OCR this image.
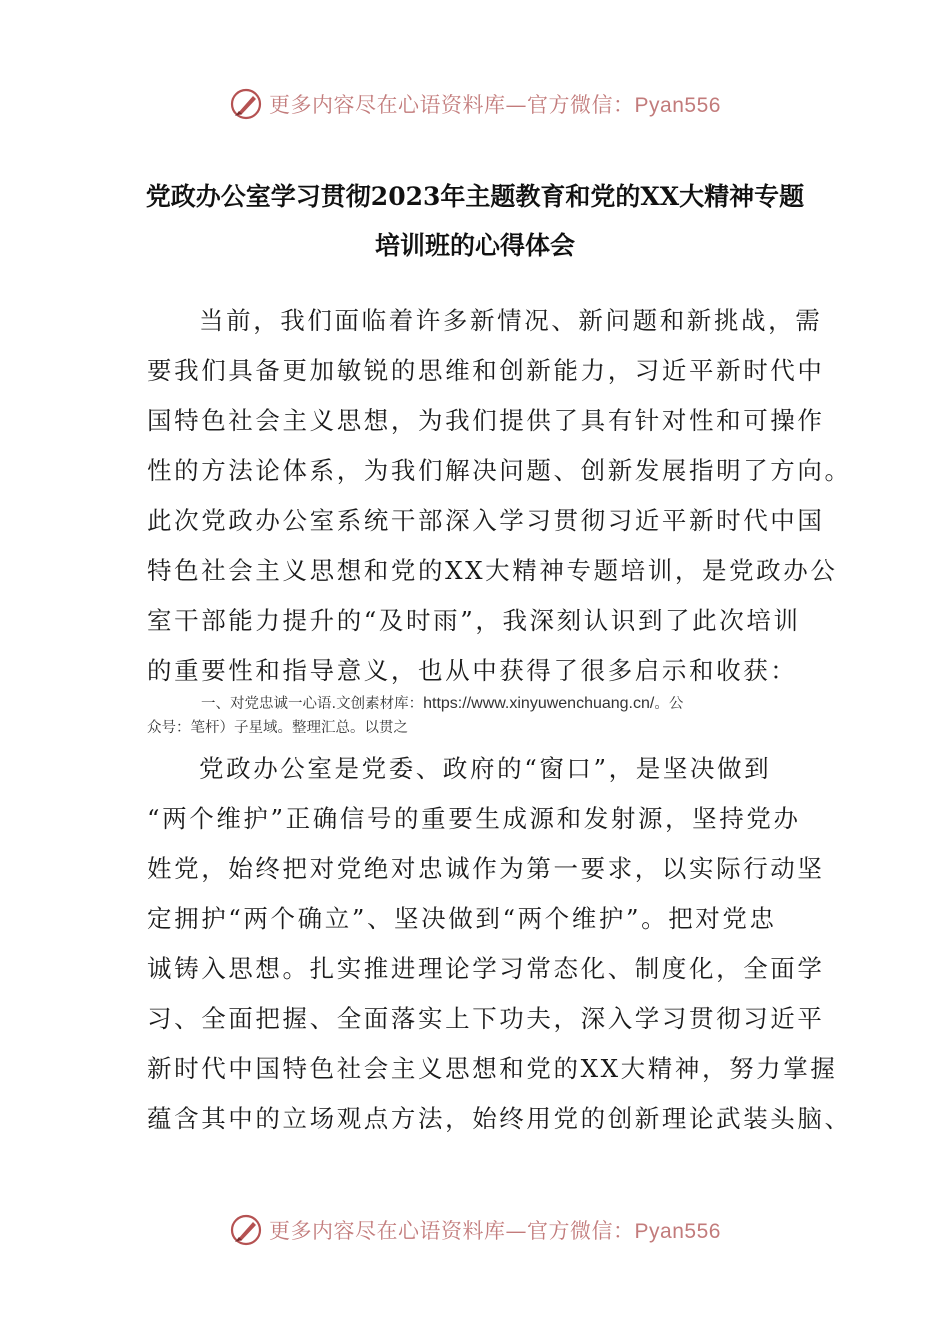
更多内容尽在心语资料库—官方微信：Pyan556
党政办公室学习贯彻2023年主题教育和党的XX大精神专题
培训班的心得体会
当前，我们面临着许多新情况、新问题和新挑战，需
要我们具备更加敏锐的思维和创新能力，习近平新时代中
国特色社会主义思想，为我们提供了具有针对性和可操作
性的方法论体系，为我们解决问题、创新发展指明了方向。
此次党政办公室系统干部深入学习贯彻习近平新时代中国
特色社会主义思想和党的XX大精神专题培训，是党政办公
室干部能力提升的“及时雨”，我深刻认识到了此次培训
的重要性和指导意义，也从中获得了很多启示和收获：
一、对党忠诚一心语.文创素材库：https://www.xinyuwenchuang.cn/。公
众号：笔杆）子星域。整理汇总。以贯之
党政办公室是党委、政府的“窗口”，是坚决做到
“两个维护”正确信号的重要生成源和发射源，坚持党办
姓党，始终把对党绝对忠诚作为第一要求，以实际行动坚
定拥护“两个确立”、坚决做到“两个维护”。把对党忠
诚铸入思想。扎实推进理论学习常态化、制度化，全面学
习、全面把握、全面落实上下功夫，深入学习贯彻习近平
新时代中国特色社会主义思想和党的XX大精神，努力掌握
蕴含其中的立场观点方法，始终用党的创新理论武装头脑、
更多内容尽在心语资料库—官方微信：Pyan556
